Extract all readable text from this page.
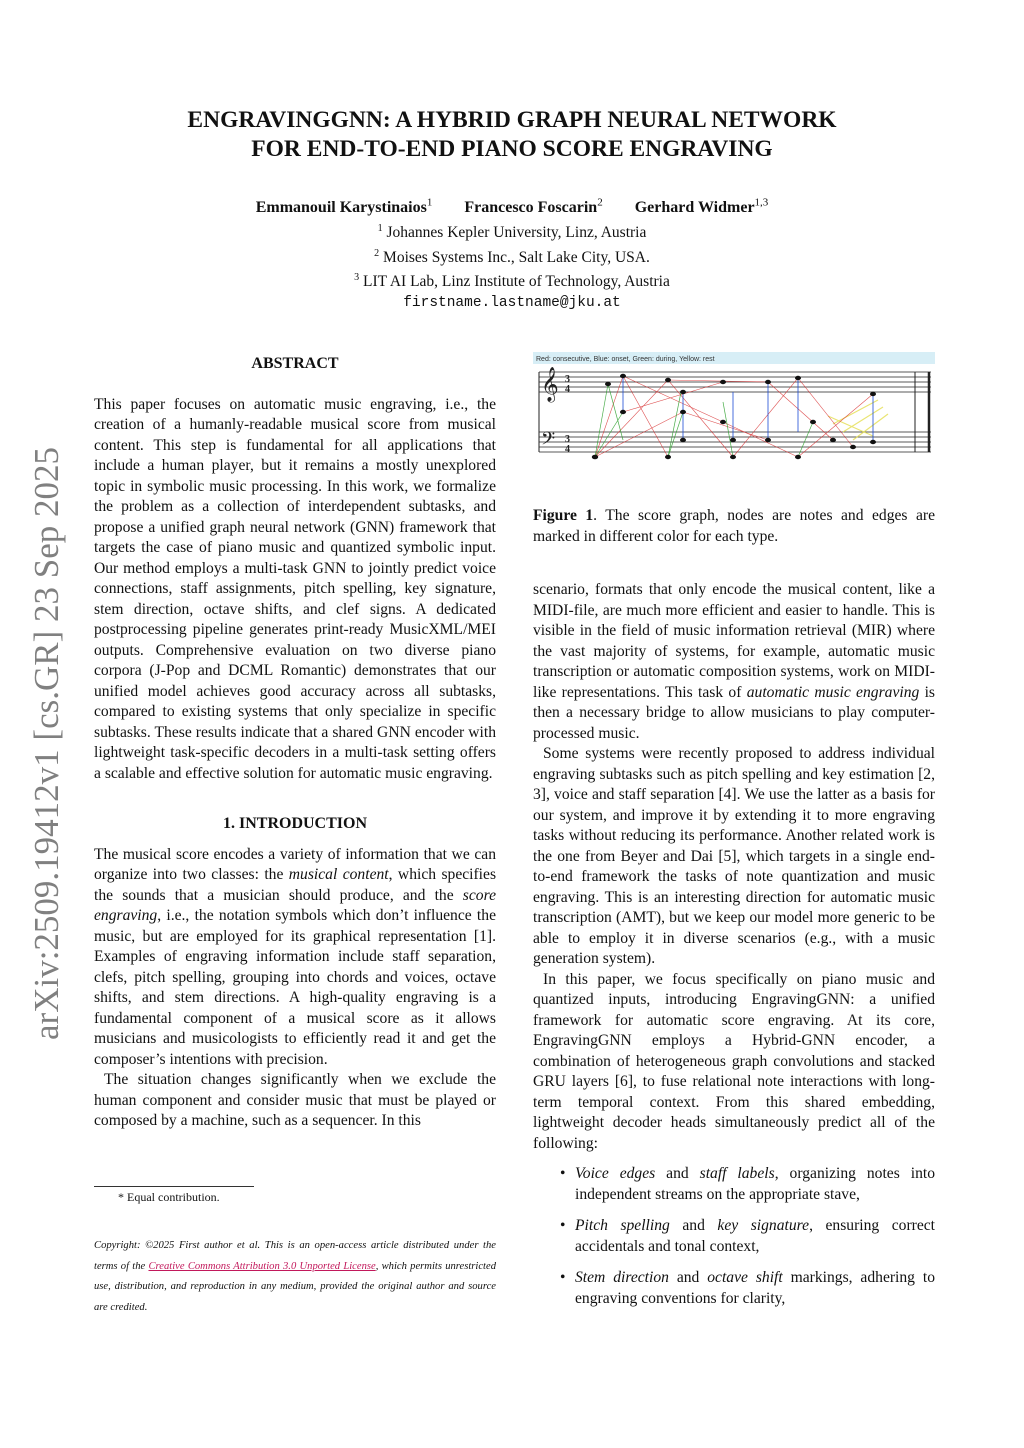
arXiv:2509.19412v1 [cs.GR] 23 Sep 2025
ENGRAVINGGNN: A HYBRID GRAPH NEURAL NETWORK
FOR END-TO-END PIANO SCORE ENGRAVING
Emmanouil Karystinaios$^1$ Francesco Foscarin$^2$ Gerhard Widmer$^{1,3}$
$^1$ Johannes Kepler University, Linz, Austria
$^2$ Moises Systems Inc., Salt Lake City, USA.
$^3$ LIT AI Lab, Linz Institute of Technology, Austria
firstname.lastname@jku.at
ABSTRACT

This paper focuses on automatic music engraving, i.e., the creation of a humanly-readable musical score from musical content. This step is fundamental for all applications that include a human player, but it remains a mostly unexplored topic in symbolic music processing. In this work, we formalize the problem as a collection of interdependent subtasks, and propose a unified graph neural network (GNN) framework that targets the case of piano music and quantized symbolic input. Our method employs a multi-task GNN to jointly predict voice connections, staff assignments, pitch spelling, key signature, stem direction, octave shifts, and clef signs. A dedicated postprocessing pipeline generates print-ready MusicXML/MEI outputs. Comprehensive evaluation on two diverse piano corpora (J-Pop and DCML Romantic) demonstrates that our unified model achieves good accuracy across all subtasks, compared to existing systems that only specialize in specific subtasks. These results indicate that a shared GNN encoder with lightweight task-specific decoders in a multi-task setting offers a scalable and effective solution for automatic music engraving.

1. INTRODUCTION

The musical score encodes a variety of information that we can organize into two classes: the musical content, which specifies the sounds that a musician should produce, and the score engraving, i.e., the notation symbols which don’t influence the music, but are employed for its graphical representation [1]. Examples of engraving information include staff separation, clefs, pitch spelling, grouping into chords and voices, octave shifts, and stem directions. A high-quality engraving is a fundamental component of a musical score as it allows musicians and musicologists to efficiently read it and get the composer’s intentions with precision.

The situation changes significantly when we exclude the human component and consider music that must be played or composed by a machine, such as a sequencer. In this

* Equal contribution.
Copyright: ©2025 First author et al. This is an open-access article distributed under the terms of the Creative Commons Attribution 3.0 Unported License, which permits unrestricted use, distribution, and reproduction in any medium, provided the original author and source are credited.
Red: consecutive, Blue: onset, Green: during, Yellow: rest
𝄞
𝄢
3
4
3
4
Figure 1. The score graph, nodes are notes and edges are marked in different color for each type.

scenario, formats that only encode the musical content, like a MIDI-file, are much more efficient and easier to handle. This is visible in the field of music information retrieval (MIR) where the vast majority of systems, for example, automatic music transcription or automatic composition systems, work on MIDI-like representations. This task of automatic music engraving is then a necessary bridge to allow musicians to play computer-processed music.

Some systems were recently proposed to address individual engraving subtasks such as pitch spelling and key estimation [2, 3], voice and staff separation [4]. We use the latter as a basis for our system, and improve it by extending it to more engraving tasks without reducing its performance. Another related work is the one from Beyer and Dai [5], which targets in a single end-to-end framework the tasks of note quantization and music engraving. This is an interesting direction for automatic music transcription (AMT), but we keep our model more generic to be able to employ it in diverse scenarios (e.g., with a music generation system).

In this paper, we focus specifically on piano music and quantized inputs, introducing EngravingGNN: a unified framework for automatic score engraving. At its core, EngravingGNN employs a Hybrid-GNN encoder, a combination of heterogeneous graph convolutions and stacked GRU layers [6], to fuse relational note interactions with long-term temporal context. From this shared embedding, lightweight decoder heads simultaneously predict all of the following:

• Voice edges and staff labels, organizing notes into independent streams on the appropriate stave,
• Pitch spelling and key signature, ensuring correct accidentals and tonal context,
• Stem direction and octave shift markings, adhering to engraving conventions for clarity,
